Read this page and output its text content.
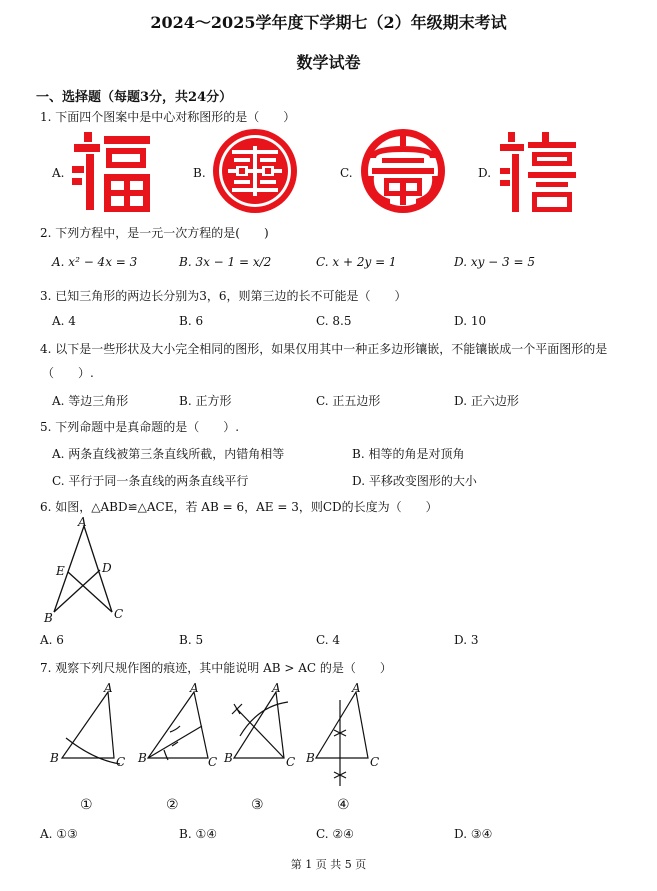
2024～2025学年度下学期七（2）年级期末考试
数学试卷
一、选择题（每题3分，共24分）
1. 下面四个图案中是中心对称图形的是（　　）
A.	B.	C.	D.
2. 下列方程中，是一元一次方程的是(　　)
A. x² − 4x = 3	B. 3x − 1 = x/2	C. x + 2y = 1	D. xy − 3 = 5
3. 已知三角形的两边长分别为3，6，则第三边的长不可能是（　　）
A. 4	B. 6	C. 8.5	D. 10
4. 以下是一些形状及大小完全相同的图形，如果仅用其中一种正多边形镶嵌，不能镶嵌成一个平面图形的是
（　　）.
A. 等边三角形	B. 正方形	C. 正五边形	D. 正六边形
5. 下列命题中是真命题的是（　　）.
A. 两条直线被第三条直线所截，内错角相等	B. 相等的角是对顶角
C. 平行于同一条直线的两条直线平行	D. 平移改变图形的大小
6. 如图，△ABD≌△ACE，若 AB = 6，AE = 3，则CD的长度为（　　）
A
E	D
B	C
A. 6	B. 5	C. 4	D. 3
7. 观察下列尺规作图的痕迹，其中能说明 AB > AC 的是（　　）
A
B	C
A
B	C
A
B	C
A
B	C
①	②	③	④
A. ①③	B. ①④	C. ②④	D. ③④
第 1 页 共 5 页
